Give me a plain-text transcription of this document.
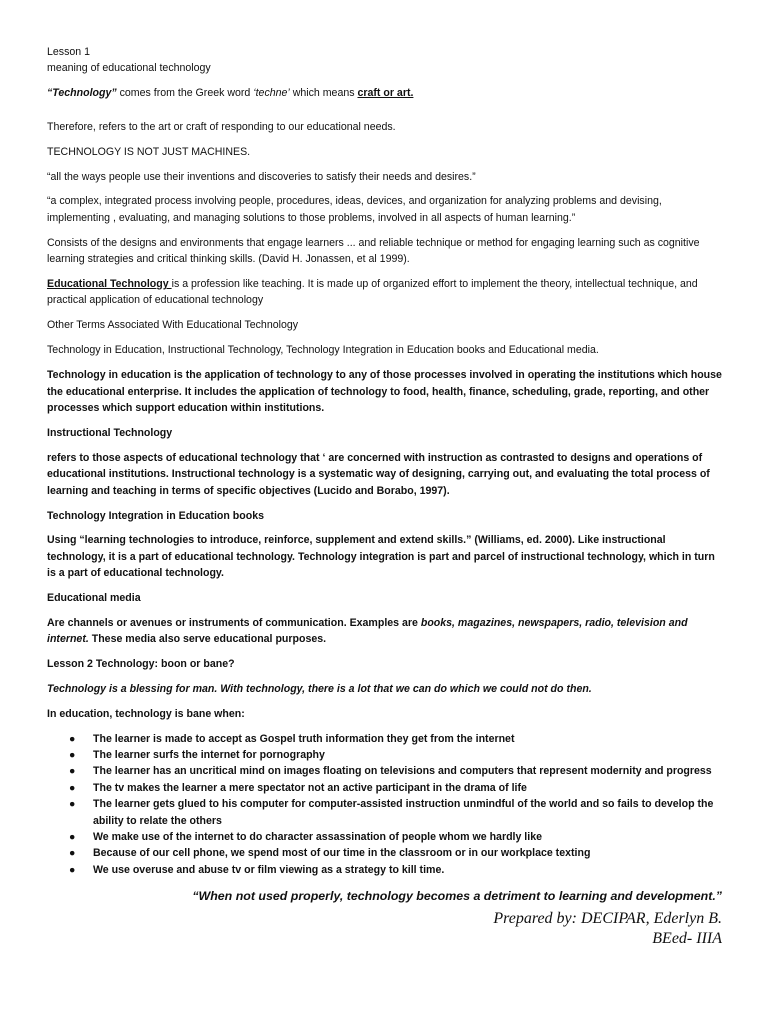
Lesson 1

meaning of educational technology

“Technology” comes from the Greek word ‘techne’ which means craft or art.

Therefore, refers to the art or craft of responding to our educational needs.

TECHNOLOGY IS NOT JUST MACHINES.

“all the ways people use their inventions and discoveries to satisfy their needs and desires.”

“a complex, integrated process involving people, procedures, ideas, devices, and organization for analyzing problems and devising, implementing , evaluating, and managing solutions to those problems, involved in all aspects of human learning.”

Consists of the designs and environments that engage learners ... and reliable technique or method for engaging learning such as cognitive learning strategies and critical thinking skills. (David H. Jonassen, et al 1999).

Educational Technology is a profession like teaching. It is made up of organized effort to implement the theory, intellectual technique, and practical application of educational technology

Other Terms Associated With Educational Technology

Technology in Education, Instructional Technology, Technology Integration in Education books and Educational media.

Technology in education is the application of technology to any of those processes involved in operating the institutions which house the educational enterprise. It includes the application of technology to food, health, finance, scheduling, grade, reporting, and other processes which support education within institutions.

Instructional Technology

refers to those aspects of educational technology that ‘ are concerned with instruction as contrasted to designs and operations of educational institutions. Instructional technology is a systematic way of designing, carrying out, and evaluating the total process of learning and teaching in terms of specific objectives (Lucido and Borabo, 1997).

Technology Integration in Education books

Using “learning technologies to introduce, reinforce, supplement and extend skills.” (Williams, ed. 2000). Like instructional technology, it is a part of educational technology. Technology integration is part and parcel of instructional technology, which in turn is a part of educational technology.

Educational media

Are channels or avenues or instruments of communication. Examples are books, magazines, newspapers, radio, television and internet. These media also serve educational purposes.

Lesson 2 Technology: boon or bane?

Technology is a blessing for man. With technology, there is a lot that we can do which we could not do then.

In education, technology is bane when:

● The learner is made to accept as Gospel truth information they get from the internet
● The learner surfs the internet for pornography
● The learner has an uncritical mind on images floating on televisions and computers that represent modernity and progress
● The tv makes the learner a mere spectator not an active participant in the drama of life
● The learner gets glued to his computer for computer-assisted instruction unmindful of the world and so fails to develop the ability to relate the others
● We make use of the internet to do character assassination of people whom we hardly like
● Because of our cell phone, we spend most of our time in the classroom or in our workplace texting
● We use overuse and abuse tv or film viewing as a strategy to kill time.

“When not used properly, technology becomes a detriment to learning and development.”

Prepared by: DECIPAR, Ederlyn B.

BEed- IIIA
